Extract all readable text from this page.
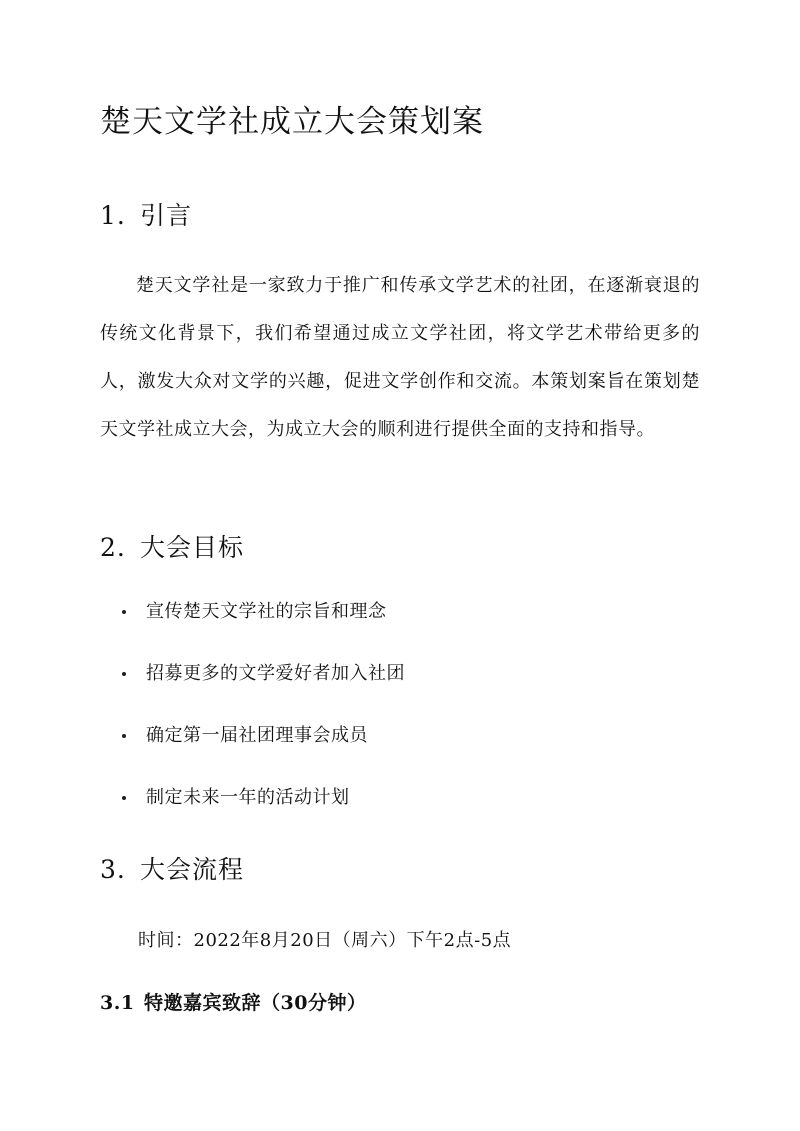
楚天文学社成立大会策划案
1. 引言

楚天文学社是一家致力于推广和传承文学艺术的社团，在逐渐衰退的传统文化背景下，我们希望通过成立文学社团，将文学艺术带给更多的人，激发大众对文学的兴趣，促进文学创作和交流。本策划案旨在策划楚天文学社成立大会，为成立大会的顺利进行提供全面的支持和指导。

2. 大会目标
宣传楚天文学社的宗旨和理念
招募更多的文学爱好者加入社团
确定第一届社团理事会成员
制定未来一年的活动计划
3. 大会流程

时间：2022年8月20日（周六）下午2点-5点

3.1 特邀嘉宾致辞（30分钟）
